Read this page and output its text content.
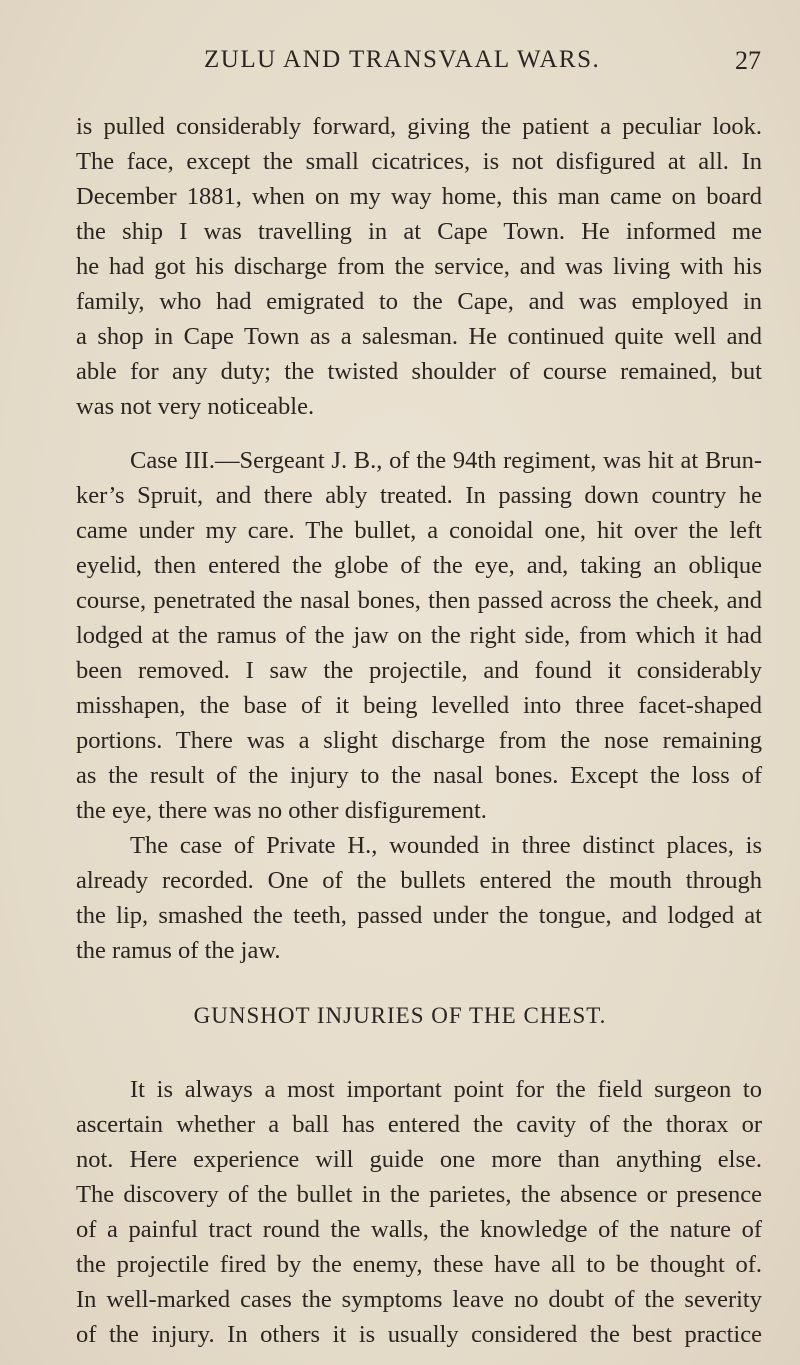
ZULU AND TRANSVAAL WARS.	27
is pulled considerably forward, giving the patient a peculiar look.
The face, except the small cicatrices, is not disfigured at all. In
December 1881, when on my way home, this man came on board
the ship I was travelling in at Cape Town. He informed me
he had got his discharge from the service, and was living with his
family, who had emigrated to the Cape, and was employed in
a shop in Cape Town as a salesman. He continued quite well and
able for any duty; the twisted shoulder of course remained, but
was not very noticeable.
Case III.—Sergeant J. B., of the 94th regiment, was hit at Brun-
ker’s Spruit, and there ably treated. In passing down country he
came under my care. The bullet, a conoidal one, hit over the left
eyelid, then entered the globe of the eye, and, taking an oblique
course, penetrated the nasal bones, then passed across the cheek, and
lodged at the ramus of the jaw on the right side, from which it had
been removed. I saw the projectile, and found it considerably
misshapen, the base of it being levelled into three facet-shaped
portions. There was a slight discharge from the nose remaining
as the result of the injury to the nasal bones. Except the loss of
the eye, there was no other disfigurement.
The case of Private H., wounded in three distinct places, is
already recorded. One of the bullets entered the mouth through
the lip, smashed the teeth, passed under the tongue, and lodged at
the ramus of the jaw.
GUNSHOT INJURIES OF THE CHEST.
It is always a most important point for the field surgeon to
ascertain whether a ball has entered the cavity of the thorax or
not. Here experience will guide one more than anything else.
The discovery of the bullet in the parietes, the absence or presence
of a painful tract round the walls, the knowledge of the nature of
the projectile fired by the enemy, these have all to be thought of.
In well-marked cases the symptoms leave no doubt of the severity
of the injury. In others it is usually considered the best practice
